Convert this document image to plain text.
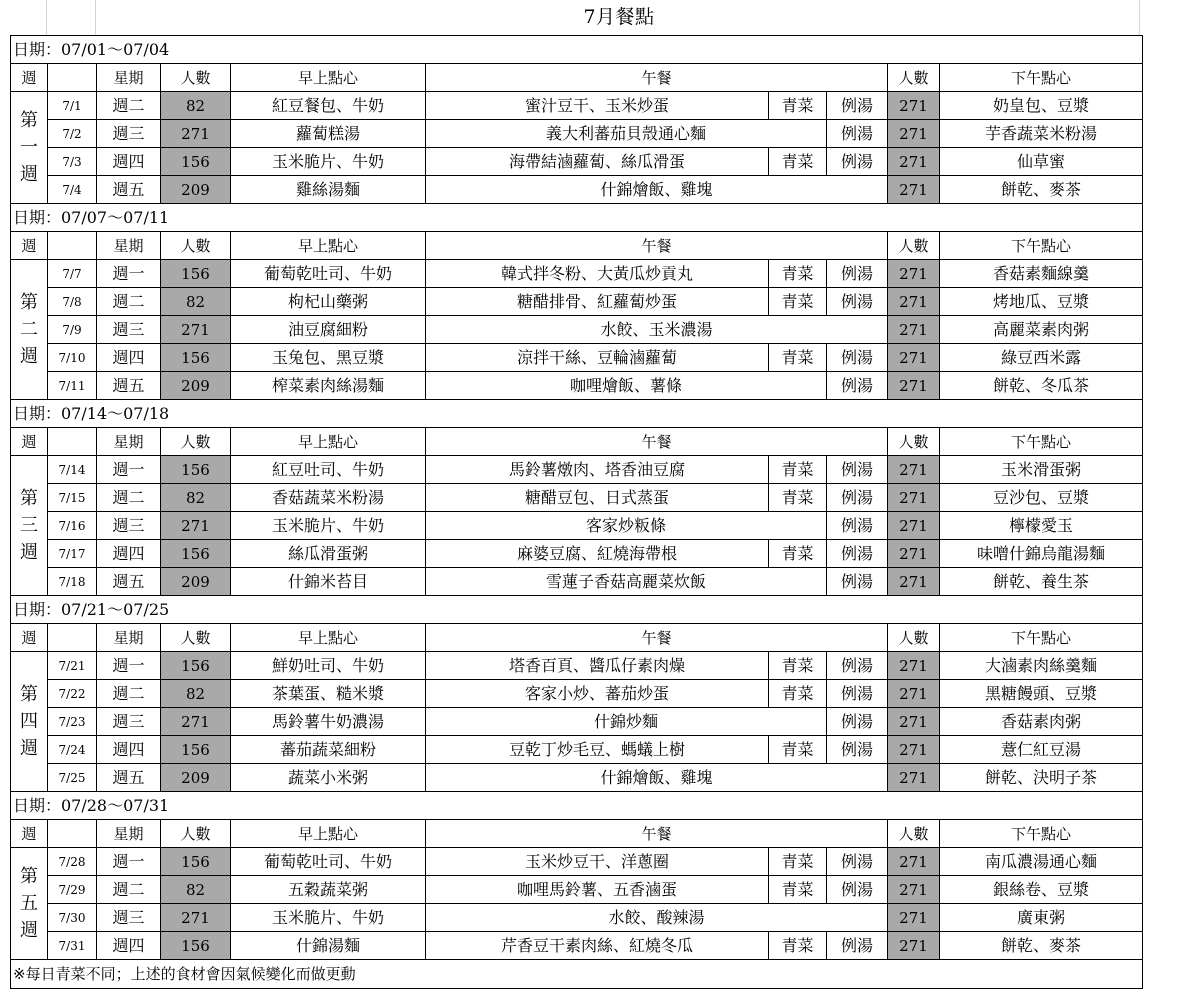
7月餐點
日期：07/01～07/04									
週		星期	人數	早上點心	午餐			人數	下午點心
第一週	7/1	週二	82	紅豆餐包、牛奶	蜜汁豆干、玉米炒蛋	青菜	例湯	271	奶皇包、豆漿
	7/2	週三	271	蘿蔔糕湯	義大利蕃茄貝殼通心麵		例湯	271	芋香蔬菜米粉湯
	7/3	週四	156	玉米脆片、牛奶	海帶結滷蘿蔔、絲瓜滑蛋	青菜	例湯	271	仙草蜜
	7/4	週五	209	雞絲湯麵	什錦燴飯、雞塊			271	餅乾、麥茶
日期：07/07～07/11									
週		星期	人數	早上點心	午餐			人數	下午點心
第二週	7/7	週一	156	葡萄乾吐司、牛奶	韓式拌冬粉、大黃瓜炒貢丸	青菜	例湯	271	香菇素麵線羹
	7/8	週二	82	枸杞山藥粥	糖醋排骨、紅蘿蔔炒蛋	青菜	例湯	271	烤地瓜、豆漿
	7/9	週三	271	油豆腐細粉	水餃、玉米濃湯			271	高麗菜素肉粥
	7/10	週四	156	玉兔包、黑豆漿	涼拌干絲、豆輪滷蘿蔔	青菜	例湯	271	綠豆西米露
	7/11	週五	209	榨菜素肉絲湯麵	咖哩燴飯、薯條		例湯	271	餅乾、冬瓜茶
日期：07/14～07/18									
週		星期	人數	早上點心	午餐			人數	下午點心
第三週	7/14	週一	156	紅豆吐司、牛奶	馬鈴薯燉肉、塔香油豆腐	青菜	例湯	271	玉米滑蛋粥
	7/15	週二	82	香菇蔬菜米粉湯	糖醋豆包、日式蒸蛋	青菜	例湯	271	豆沙包、豆漿
	7/16	週三	271	玉米脆片、牛奶	客家炒粄條		例湯	271	檸檬愛玉
	7/17	週四	156	絲瓜滑蛋粥	麻婆豆腐、紅燒海帶根	青菜	例湯	271	味噌什錦烏龍湯麵
	7/18	週五	209	什錦米苔目	雪蓮子香菇高麗菜炊飯		例湯	271	餅乾、養生茶
日期：07/21～07/25									
週		星期	人數	早上點心	午餐			人數	下午點心
第四週	7/21	週一	156	鮮奶吐司、牛奶	塔香百頁、醬瓜仔素肉燥	青菜	例湯	271	大滷素肉絲羹麵
	7/22	週二	82	茶葉蛋、糙米漿	客家小炒、蕃茄炒蛋	青菜	例湯	271	黑糖饅頭、豆漿
	7/23	週三	271	馬鈴薯牛奶濃湯	什錦炒麵		例湯	271	香菇素肉粥
	7/24	週四	156	蕃茄蔬菜細粉	豆乾丁炒毛豆、螞蟻上樹	青菜	例湯	271	薏仁紅豆湯
	7/25	週五	209	蔬菜小米粥	什錦燴飯、雞塊			271	餅乾、決明子茶
日期：07/28～07/31									
週		星期	人數	早上點心	午餐			人數	下午點心
第五週	7/28	週一	156	葡萄乾吐司、牛奶	玉米炒豆干、洋蔥圈	青菜	例湯	271	南瓜濃湯通心麵
	7/29	週二	82	五穀蔬菜粥	咖哩馬鈴薯、五香滷蛋	青菜	例湯	271	銀絲卷、豆漿
	7/30	週三	271	玉米脆片、牛奶	水餃、酸辣湯			271	廣東粥
	7/31	週四	156	什錦湯麵	芹香豆干素肉絲、紅燒冬瓜	青菜	例湯	271	餅乾、麥茶
※每日青菜不同；上述的食材會因氣候變化而做更動									
